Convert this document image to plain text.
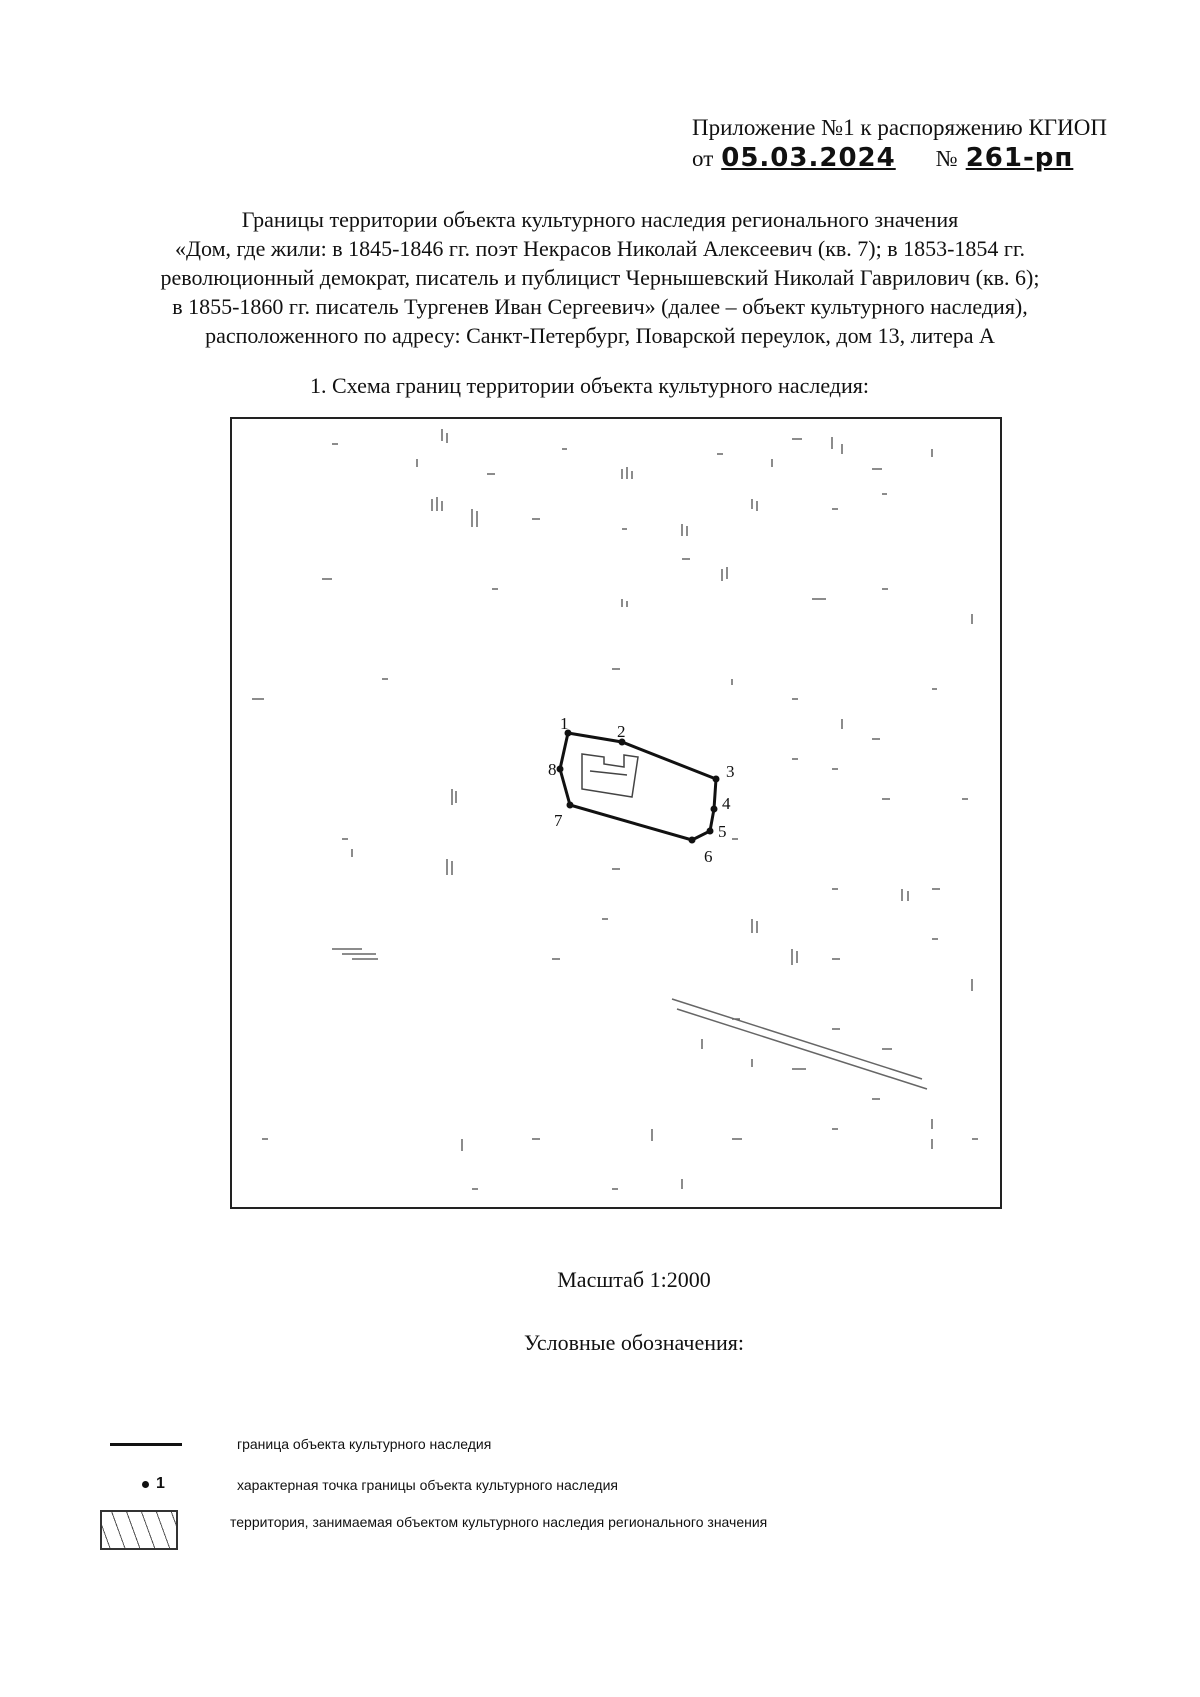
Приложение №1 к распоряжению КГИОП
от 05.03.2024 № 261-рп
Границы территории объекта культурного наследия регионального значения
«Дом, где жили: в 1845-1846 гг. поэт Некрасов Николай Алексеевич (кв. 7); в 1853-1854 гг.
революционный демократ, писатель и публицист Чернышевский Николай Гаврилович (кв. 6);
в 1855-1860 гг. писатель Тургенев Иван Сергеевич» (далее – объект культурного наследия),
расположенного по адресу: Санкт-Петербург, Поварской переулок, дом 13, литера А
1. Схема границ территории объекта культурного наследия:
1	2
3
4
5
6
7
8
Масштаб 1:2000
Условные обозначения:
граница объекта культурного наследия
1	характерная точка границы объекта культурного наследия
территория, занимаемая объектом культурного наследия регионального значения
